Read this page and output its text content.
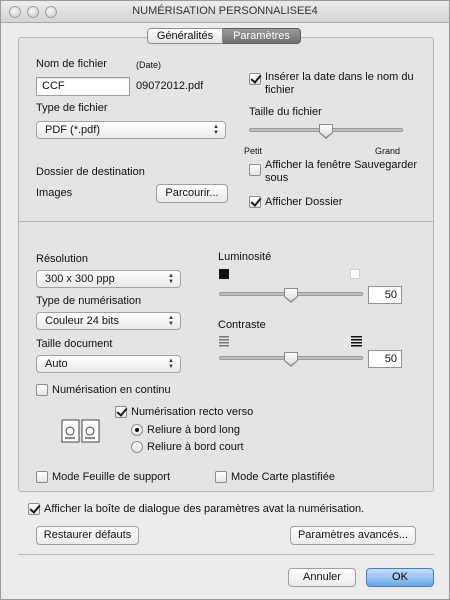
NUMÉRISATION PERSONNALISEE4
Généralités	Paramètres
Nom de fichier	(Date)
CCF	09072012.pdf
Insérer la date dans le nom du fichier
Type de fichier
PDF (*.pdf)	▲
▼
Taille du fichier
Petit	Grand
Dossier de destination
Images	Parcourir...
Afficher la fenêtre Sauvegarder sous
Afficher Dossier
Résolution
300 x 300 ppp	▲
▼
Type de numérisation
Couleur 24 bits	▲
▼
Taille document
Auto	▲
▼
Luminosité
50
Contraste
50
Numérisation en continu
Numérisation recto verso
Reliure à bord long
Reliure à bord court
Mode Feuille de support	Mode Carte plastifiée
Afficher la boîte de dialogue des paramètres avat la numérisation.
Restaurer défauts	Paramètres avancés...
Annuler	OK
